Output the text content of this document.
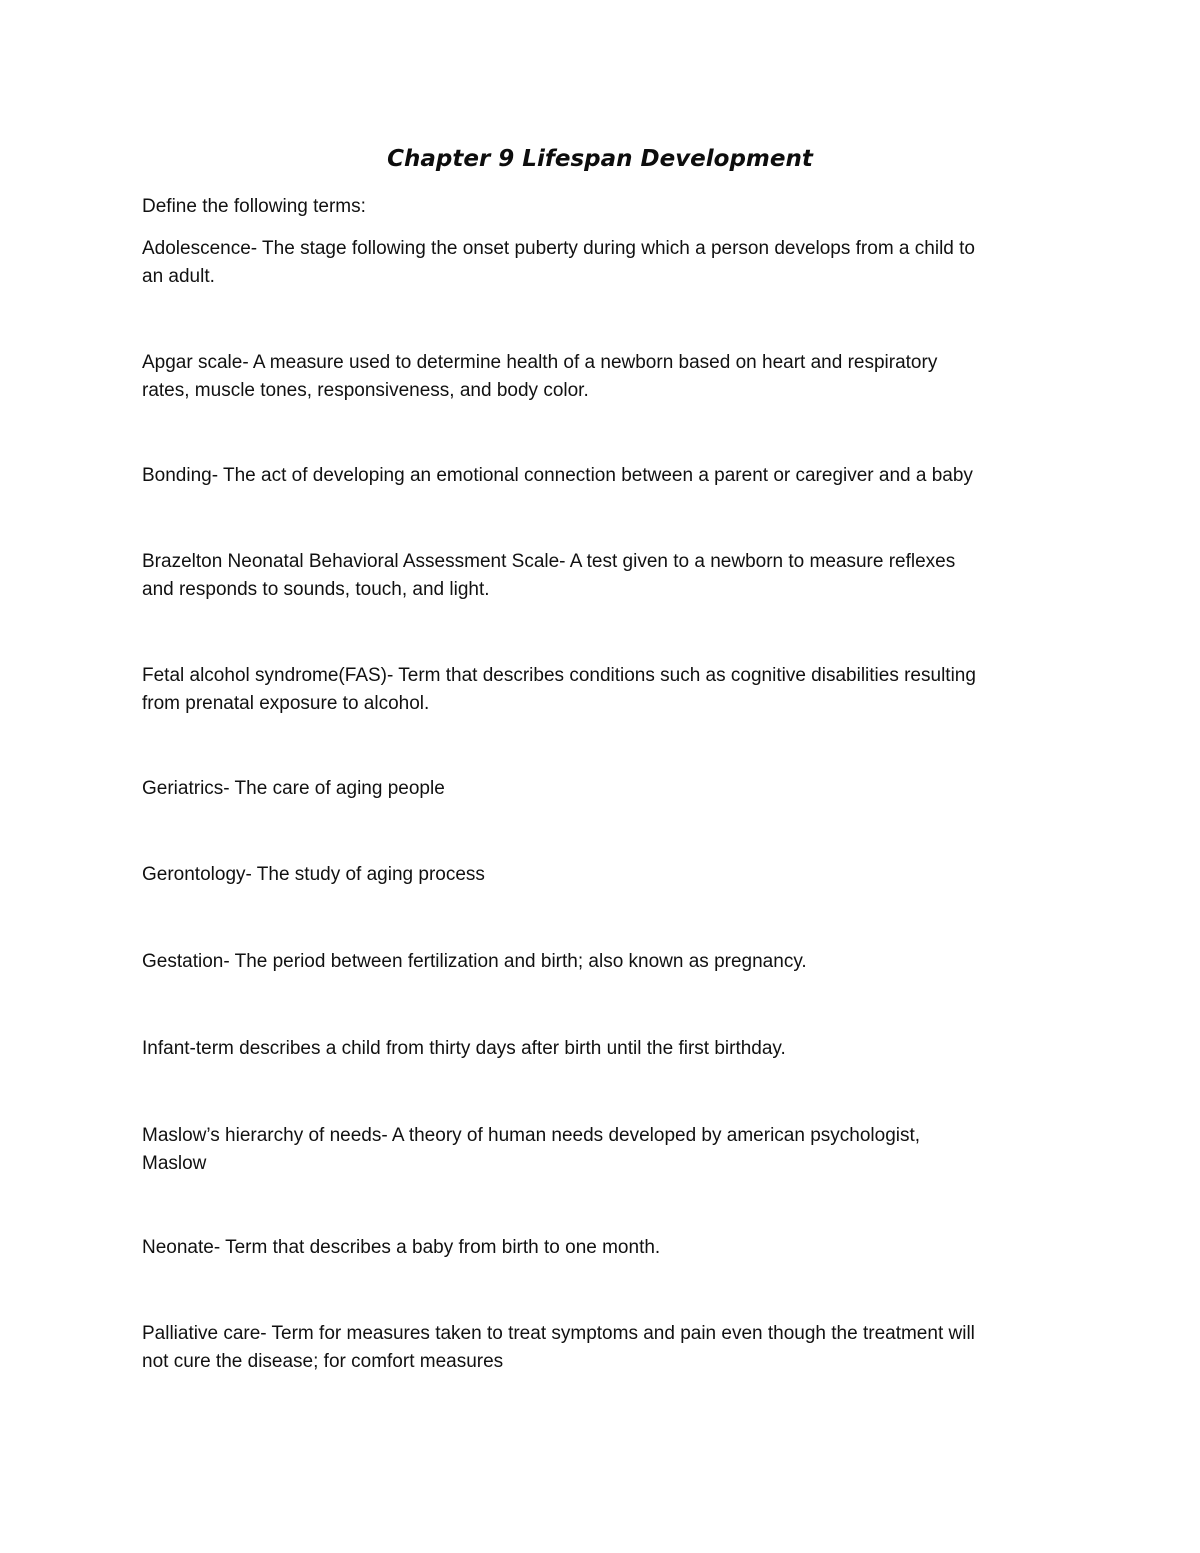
Chapter 9 Lifespan Development
Define the following terms:
Adolescence- The stage following the onset puberty during which a person develops from a child to
an adult.
Apgar scale- A measure used to determine health of a newborn based on heart and respiratory
rates, muscle tones, responsiveness, and body color.
Bonding- The act of developing an emotional connection between a parent or caregiver and a baby
Brazelton Neonatal Behavioral Assessment Scale- A test given to a newborn to measure reflexes
and responds to sounds, touch, and light.
Fetal alcohol syndrome(FAS)- Term that describes conditions such as cognitive disabilities resulting
from prenatal exposure to alcohol.
Geriatrics- The care of aging people
Gerontology- The study of aging process
Gestation- The period between fertilization and birth; also known as pregnancy.
Infant-term describes a child from thirty days after birth until the first birthday.
Maslow’s hierarchy of needs- A theory of human needs developed by american psychologist,
Maslow
Neonate- Term that describes a baby from birth to one month.
Palliative care- Term for measures taken to treat symptoms and pain even though the treatment will
not cure the disease; for comfort measures
